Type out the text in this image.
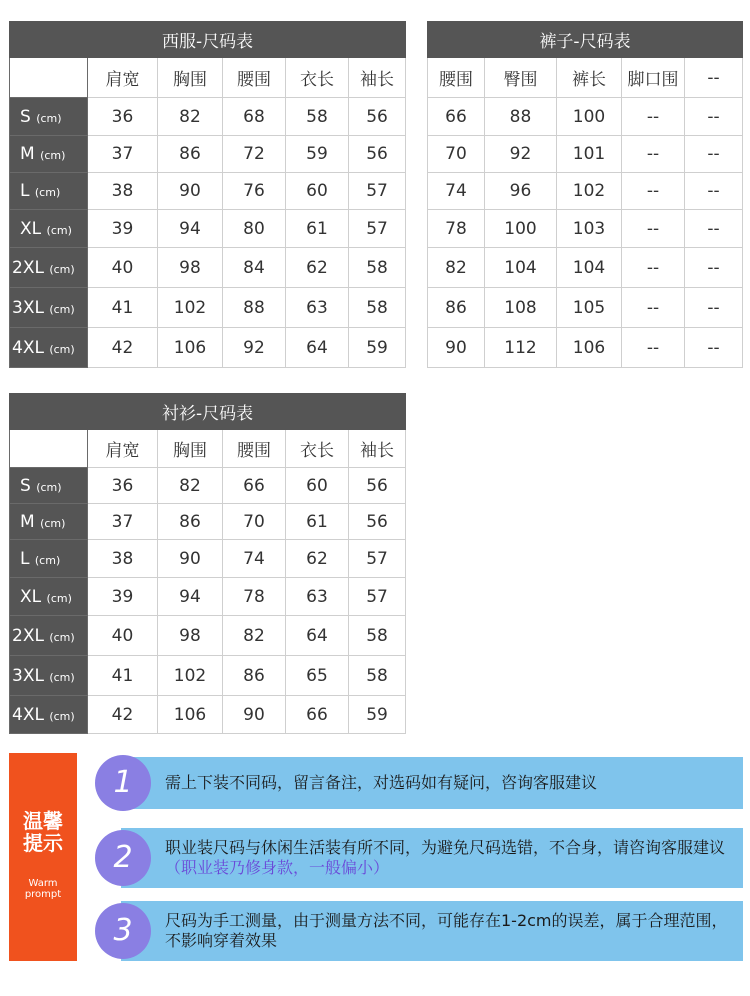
西服-尺码表					
尺码	肩宽	胸围	腰围	衣长	袖长
S (cm)	36	82	68	58	56
M (cm)	37	86	72	59	56
L (cm)	38	90	76	60	57
XL (cm)	39	94	80	61	57
2XL (cm)	40	98	84	62	58
3XL (cm)	41	102	88	63	58
4XL (cm)	42	106	92	64	59
裤子-尺码表				
腰围	臀围	裤长	脚口围	--
66	88	100	--	--
70	92	101	--	--
74	96	102	--	--
78	100	103	--	--
82	104	104	--	--
86	108	105	--	--
90	112	106	--	--
衬衫-尺码表					
尺码	肩宽	胸围	腰围	衣长	袖长
S (cm)	36	82	66	60	56
M (cm)	37	86	70	61	56
L (cm)	38	90	74	62	57
XL (cm)	39	94	78	63	57
2XL (cm)	40	98	82	64	58
3XL (cm)	41	102	86	65	58
4XL (cm)	42	106	90	66	59
温馨
提示
Warm
prompt
1	需上下装不同码，留言备注，对选码如有疑问，咨询客服建议
2	职业装尺码与休闲生活装有所不同，为避免尺码选错，不合身，请咨询客服建议（职业装乃修身款，一般偏小）
3	尺码为手工测量，由于测量方法不同，可能存在1-2cm的误差，属于合理范围，不影响穿着效果
